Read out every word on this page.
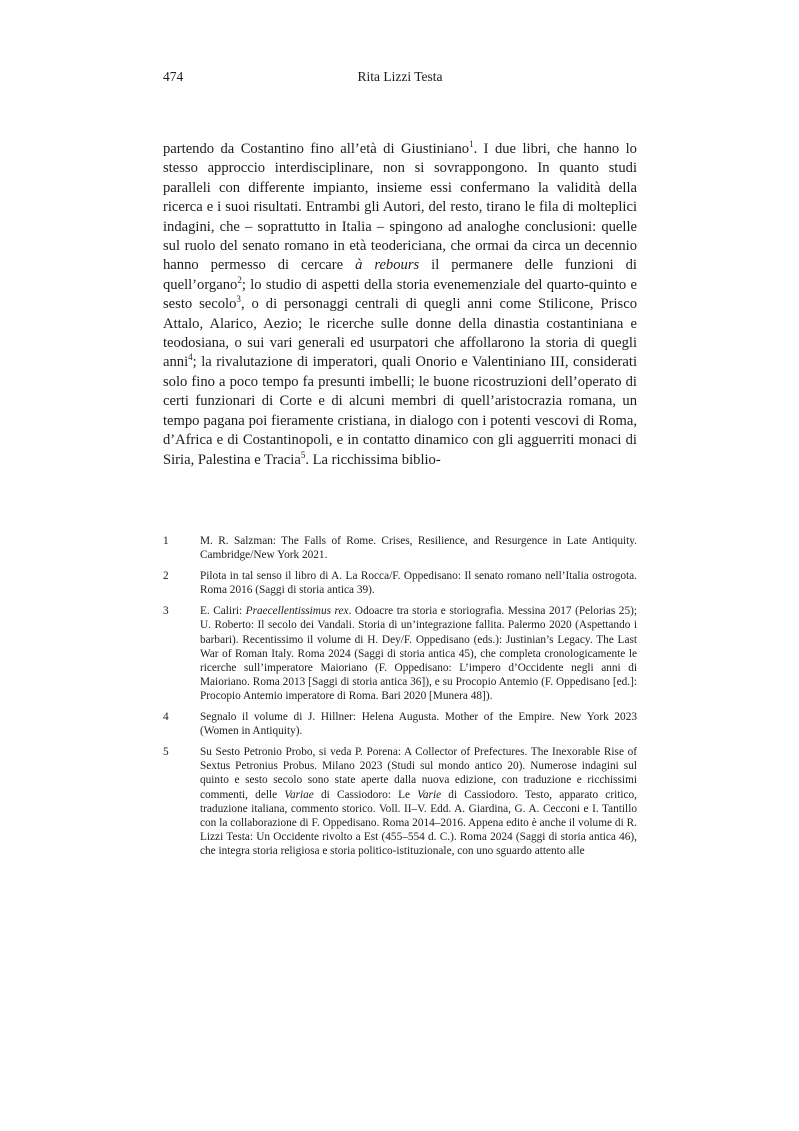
474	Rita Lizzi Testa
partendo da Costantino fino all’età di Giustiniano$^1$. I due libri, che hanno lo stesso approccio interdisciplinare, non si sovrappongono. In quanto studi paralleli con differente impianto, insieme essi confermano la validità della ricerca e i suoi risultati. Entrambi gli Autori, del resto, tirano le fila di molteplici indagini, che – soprattutto in Italia – spingono ad analoghe conclusioni: quelle sul ruolo del senato romano in età teodericiana, che ormai da circa un decennio hanno permesso di cercare à rebours il permanere delle funzioni di quell’organo$^2$; lo studio di aspetti della storia evenemenziale del quarto-quinto e sesto secolo$^3$, o di personaggi centrali di quegli anni come Stilicone, Prisco Attalo, Alarico, Aezio; le ricerche sulle donne della dinastia costantiniana e teodosiana, o sui vari generali ed usurpatori che affollarono la storia di quegli anni$^4$; la rivalutazione di imperatori, quali Onorio e Valentiniano III, considerati solo fino a poco tempo fa presunti imbelli; le buone ricostruzioni dell’operato di certi funzionari di Corte e di alcuni membri di quell’aristocrazia romana, un tempo pagana poi fieramente cristiana, in dialogo con i potenti vescovi di Roma, d’Africa e di Costantinopoli, e in contatto dinamico con gli agguerriti monaci di Siria, Palestina e Tracia$^5$. La ricchissima biblio-
1	M. R. Salzman: The Falls of Rome. Crises, Resilience, and Resurgence in Late Antiquity. Cambridge/New York 2021.
2	Pilota in tal senso il libro di A. La Rocca/F. Oppedisano: Il senato romano nell’Italia ostrogota. Roma 2016 (Saggi di storia antica 39).
3	E. Caliri: Praecellentissimus rex. Odoacre tra storia e storiografia. Messina 2017 (Pelorias 25); U. Roberto: Il secolo dei Vandali. Storia di un’integrazione fallita. Palermo 2020 (Aspettando i barbari). Recentissimo il volume di H. Dey/F. Oppedisano (eds.): Justinian’s Legacy. The Last War of Roman Italy. Roma 2024 (Saggi di storia antica 45), che completa cronologicamente le ricerche sull’imperatore Maioriano (F. Oppedisano: L’impero d’Occidente negli anni di Maioriano. Roma 2013 [Saggi di storia antica 36]), e su Procopio Antemio (F. Oppedisano [ed.]: Procopio Antemio imperatore di Roma. Bari 2020 [Munera 48]).
4	Segnalo il volume di J. Hillner: Helena Augusta. Mother of the Empire. New York 2023 (Women in Antiquity).
5	Su Sesto Petronio Probo, si veda P. Porena: A Collector of Prefectures. The Inexorable Rise of Sextus Petronius Probus. Milano 2023 (Studi sul mondo antico 20). Numerose indagini sul quinto e sesto secolo sono state aperte dalla nuova edizione, con traduzione e ricchissimi commenti, delle Variae di Cassiodoro: Le Varie di Cassiodoro. Testo, apparato critico, traduzione italiana, commento storico. Voll. II–V. Edd. A. Giardina, G. A. Cecconi e I. Tantillo con la collaborazione di F. Oppedisano. Roma 2014–2016. Appena edito è anche il volume di R. Lizzi Testa: Un Occidente rivolto a Est (455–554 d. C.). Roma 2024 (Saggi di storia antica 46), che integra storia religiosa e storia politico-istituzionale, con uno sguardo attento alle
